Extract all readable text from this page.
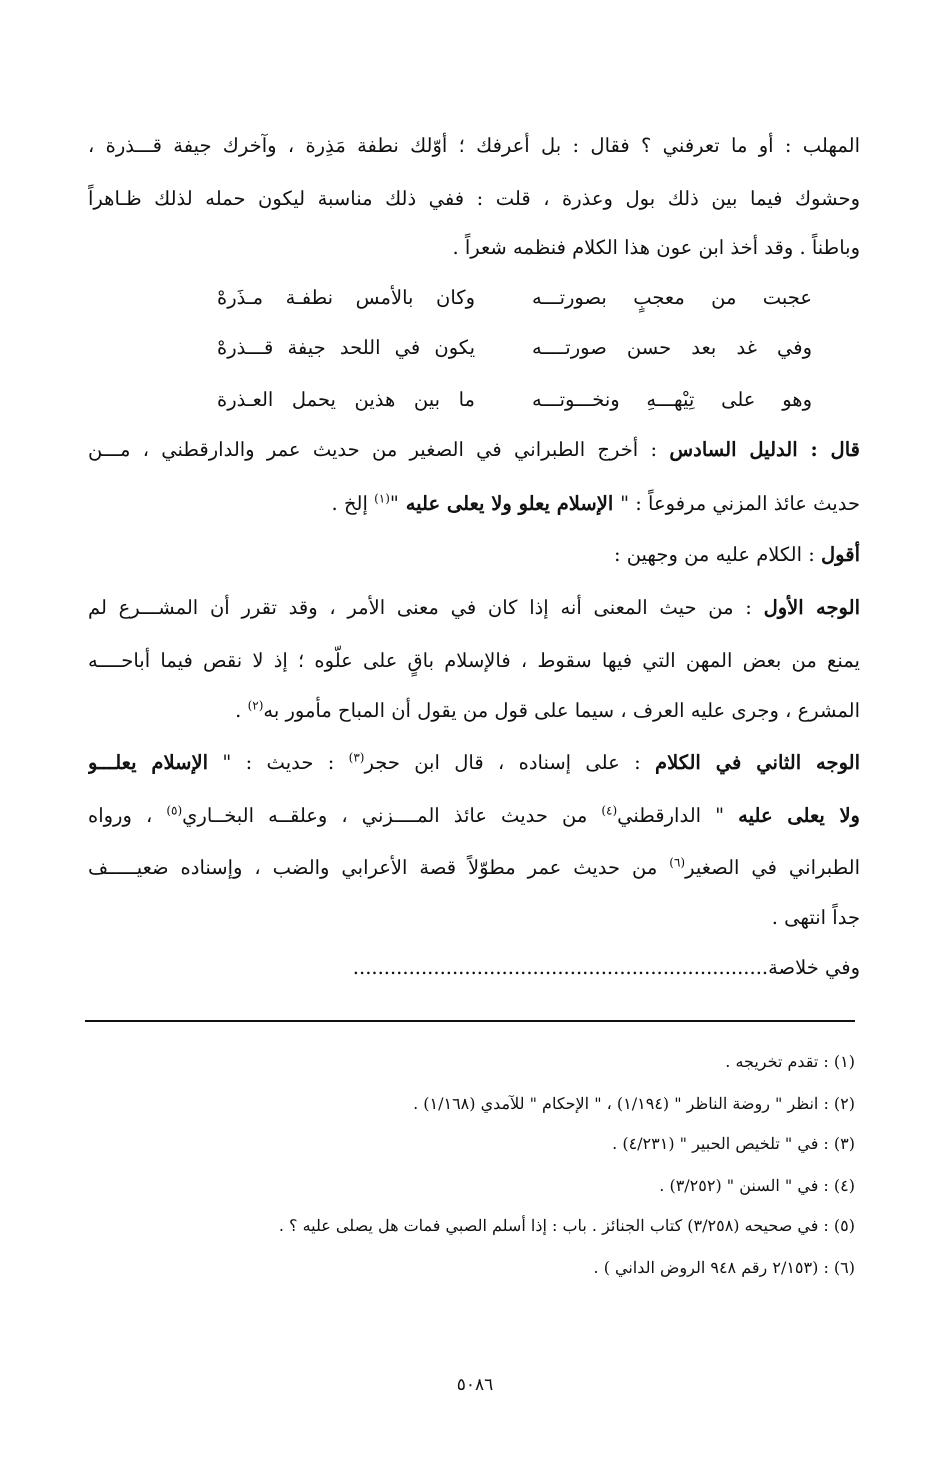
المهلب : أو ما تعرفني ؟ فقال : بل أعرفك ؛ أوّلك نطفة مَذِرة ، وآخرك جيفة قـــذرة ،
وحشوك فيما بين ذلك بول وعذرة ، قلت : ففي ذلك مناسبة ليكون حمله لذلك ظـاهراً
وباطناً . وقد أخذ ابن عون هذا الكلام فنظمه شعراً .
عجبت من معجبٍ بصورتـــه
وكان بالأمس نطفـة مـذَرهْ
وفي غد بعد حسن صورتــــه
يكون في اللحد جيفة قـــذرهْ
وهو على تِيْهـــهِ ونخـــوتـــه
ما بين هذين يحمل العـذرة
قال : الدليل السادس : أخرج الطبراني في الصغير من حديث عمر والدارقطني ، مـــن
حديث عائذ المزني مرفوعاً : " الإسلام يعلو ولا يعلى عليه "$^{(١)}$ إلخ .
أقول : الكلام عليه من وجهين :
الوجه الأول : من حيث المعنى أنه إذا كان في معنى الأمر ، وقد تقرر أن المشـــرع لم
يمنع من بعض المهن التي فيها سقوط ، فالإسلام باقٍ على علّوه ؛ إذ لا نقص فيما أباحــــه
المشرع ، وجرى عليه العرف ، سيما على قول من يقول أن المباح مأمور به$^{(٢)}$ .
الوجه الثاني في الكلام : على إسناده ، قال ابن حجر$^{(٣)}$ : حديث : " الإسلام يعلـــو
ولا يعلى عليه " الدارقطني$^{(٤)}$ من حديث عائذ المــــزني ، وعلقــه البخــاري$^{(٥)}$ ، ورواه
الطبراني في الصغير$^{(٦)}$ من حديث عمر مطوّلاً قصة الأعرابي والضب ، وإسناده ضعيـــــف
جداً انتهى .
وفي خلاصة...................................................................
(١) : تقدم تخريجه .
(٢) : انظر " روضة الناظر " (١/١٩٤) ، " الإحكام " للآمدي (١/١٦٨) .
(٣) : في " تلخيص الحبير " (٤/٢٣١) .
(٤) : في " السنن " (٣/٢٥٢) .
(٥) : في صحيحه (٣/٢٥٨) كتاب الجنائز . باب : إذا أسلم الصبي فمات هل يصلى عليه ؟ .
(٦) : (٢/١٥٣ رقم ٩٤٨ الروض الداني ) .
٥٠٨٦
